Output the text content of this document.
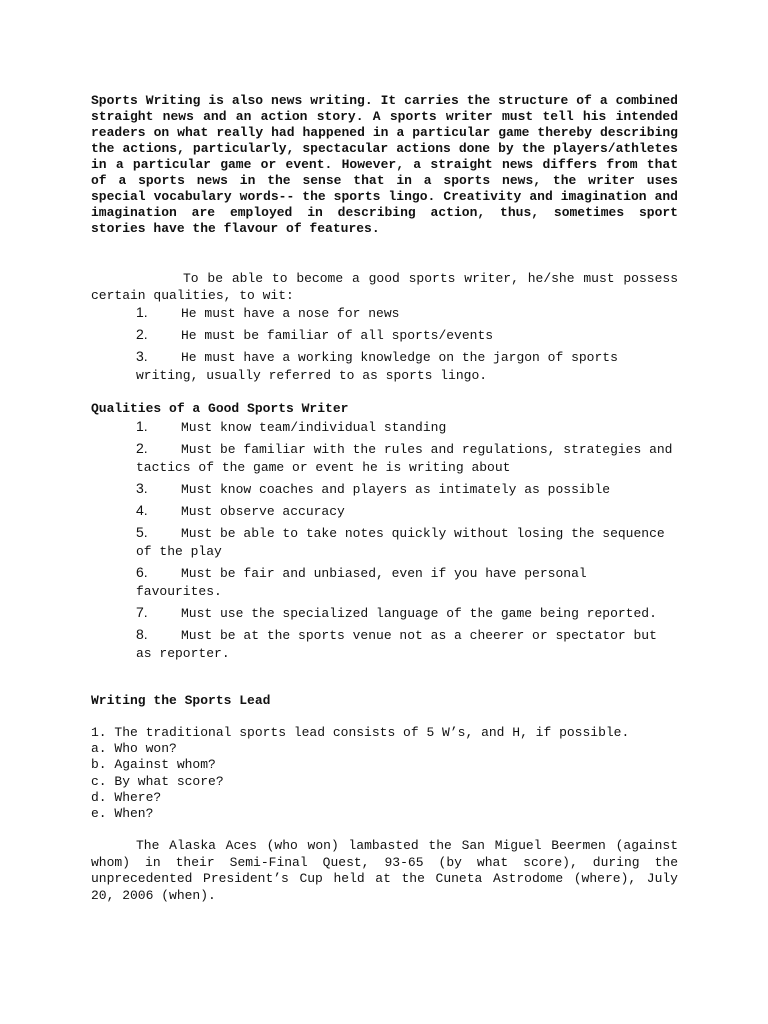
Sports Writing is also news writing. It carries the structure of a combined straight news and an action story. A sports writer must tell his intended readers on what really had happened in a particular game thereby describing the actions, particularly, spectacular actions done by the players/athletes in a particular game or event. However, a straight news differs from that of a sports news in the sense that in a sports news, the writer uses special vocabulary words-- the sports lingo. Creativity and imagination and imagination are employed in describing action, thus, sometimes sport stories have the flavour of features.

To be able to become a good sports writer, he/she must possess certain qualities, to wit:

1.	He must have a nose for news
2.	He must be familiar of all sports/events
3.	He must have a working knowledge on the jargon of sports writing, usually referred to as sports lingo.
Qualities of a Good Sports Writer
1.	Must know team/individual standing
2.	Must be familiar with the rules and regulations, strategies and tactics of the game or event he is writing about
3.	Must know coaches and players as intimately as possible
4.	Must observe accuracy
5.	Must be able to take notes quickly without losing the sequence of the play
6.	Must be fair and unbiased, even if you have personal favourites.
7.	Must use the specialized language of the game being reported.
8.	Must be at the sports venue not as a cheerer or spectator but as reporter.
Writing the Sports Lead
1. The traditional sports lead consists of 5 W’s, and H, if possible.
a. Who won?
b. Against whom?
c. By what score?
d. Where?
e. When?

The Alaska Aces (who won) lambasted the San Miguel Beermen (against whom) in their Semi-Final Quest, 93-65 (by what score), during the unprecedented President’s Cup held at the Cuneta Astrodome (where), July 20, 2006 (when).
